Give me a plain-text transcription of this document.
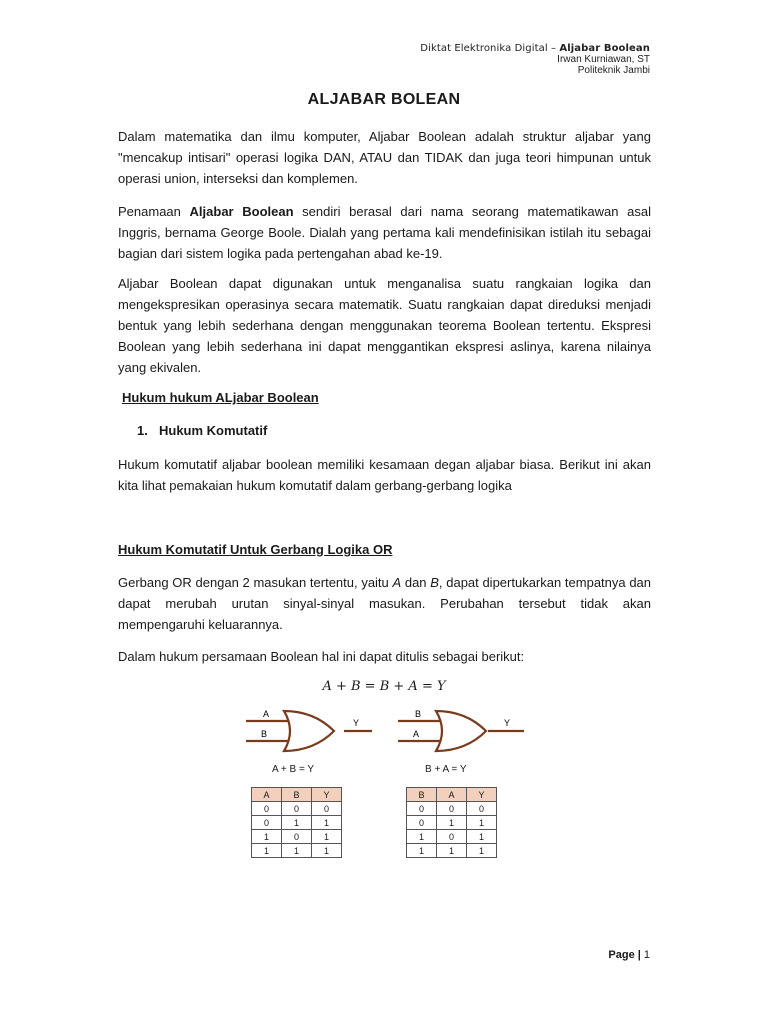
Diktat Elektronika Digital – Aljabar Boolean
Irwan Kurniawan, ST
Politeknik Jambi
ALJABAR BOLEAN
Dalam matematika dan ilmu komputer, Aljabar Boolean adalah struktur aljabar yang "mencakup intisari" operasi logika DAN, ATAU dan TIDAK dan juga teori himpunan untuk operasi union, interseksi dan komplemen.
Penamaan Aljabar Boolean sendiri berasal dari nama seorang matematikawan asal Inggris, bernama George Boole. Dialah yang pertama kali mendefinisikan istilah itu sebagai bagian dari sistem logika pada pertengahan abad ke-19.
Aljabar Boolean dapat digunakan untuk menganalisa suatu rangkaian logika dan mengekspresikan operasinya secara matematik. Suatu rangkaian dapat direduksi menjadi bentuk yang lebih sederhana dengan menggunakan teorema Boolean tertentu. Ekspresi Boolean yang lebih sederhana ini dapat menggantikan ekspresi aslinya, karena nilainya yang ekivalen.
Hukum hukum ALjabar Boolean
1. Hukum Komutatif
Hukum komutatif aljabar boolean memiliki kesamaan degan aljabar biasa. Berikut ini akan kita lihat pemakaian hukum komutatif dalam gerbang-gerbang logika
Hukum Komutatif Untuk Gerbang Logika OR
Gerbang OR dengan 2 masukan tertentu, yaitu A dan B, dapat dipertukarkan tempatnya dan dapat merubah urutan sinyal-sinyal masukan. Perubahan tersebut tidak akan mempengaruhi keluarannya.
Dalam hukum persamaan Boolean hal ini dapat ditulis sebagai berikut:
A + B = B + A = Y
A
B
Y
A + B = Y
B
A
Y
B + A = Y
A	B	Y
0	0	0
0	1	1
1	0	1
1	1	1
B	A	Y
0	0	0
0	1	1
1	0	1
1	1	1
Page | 1
